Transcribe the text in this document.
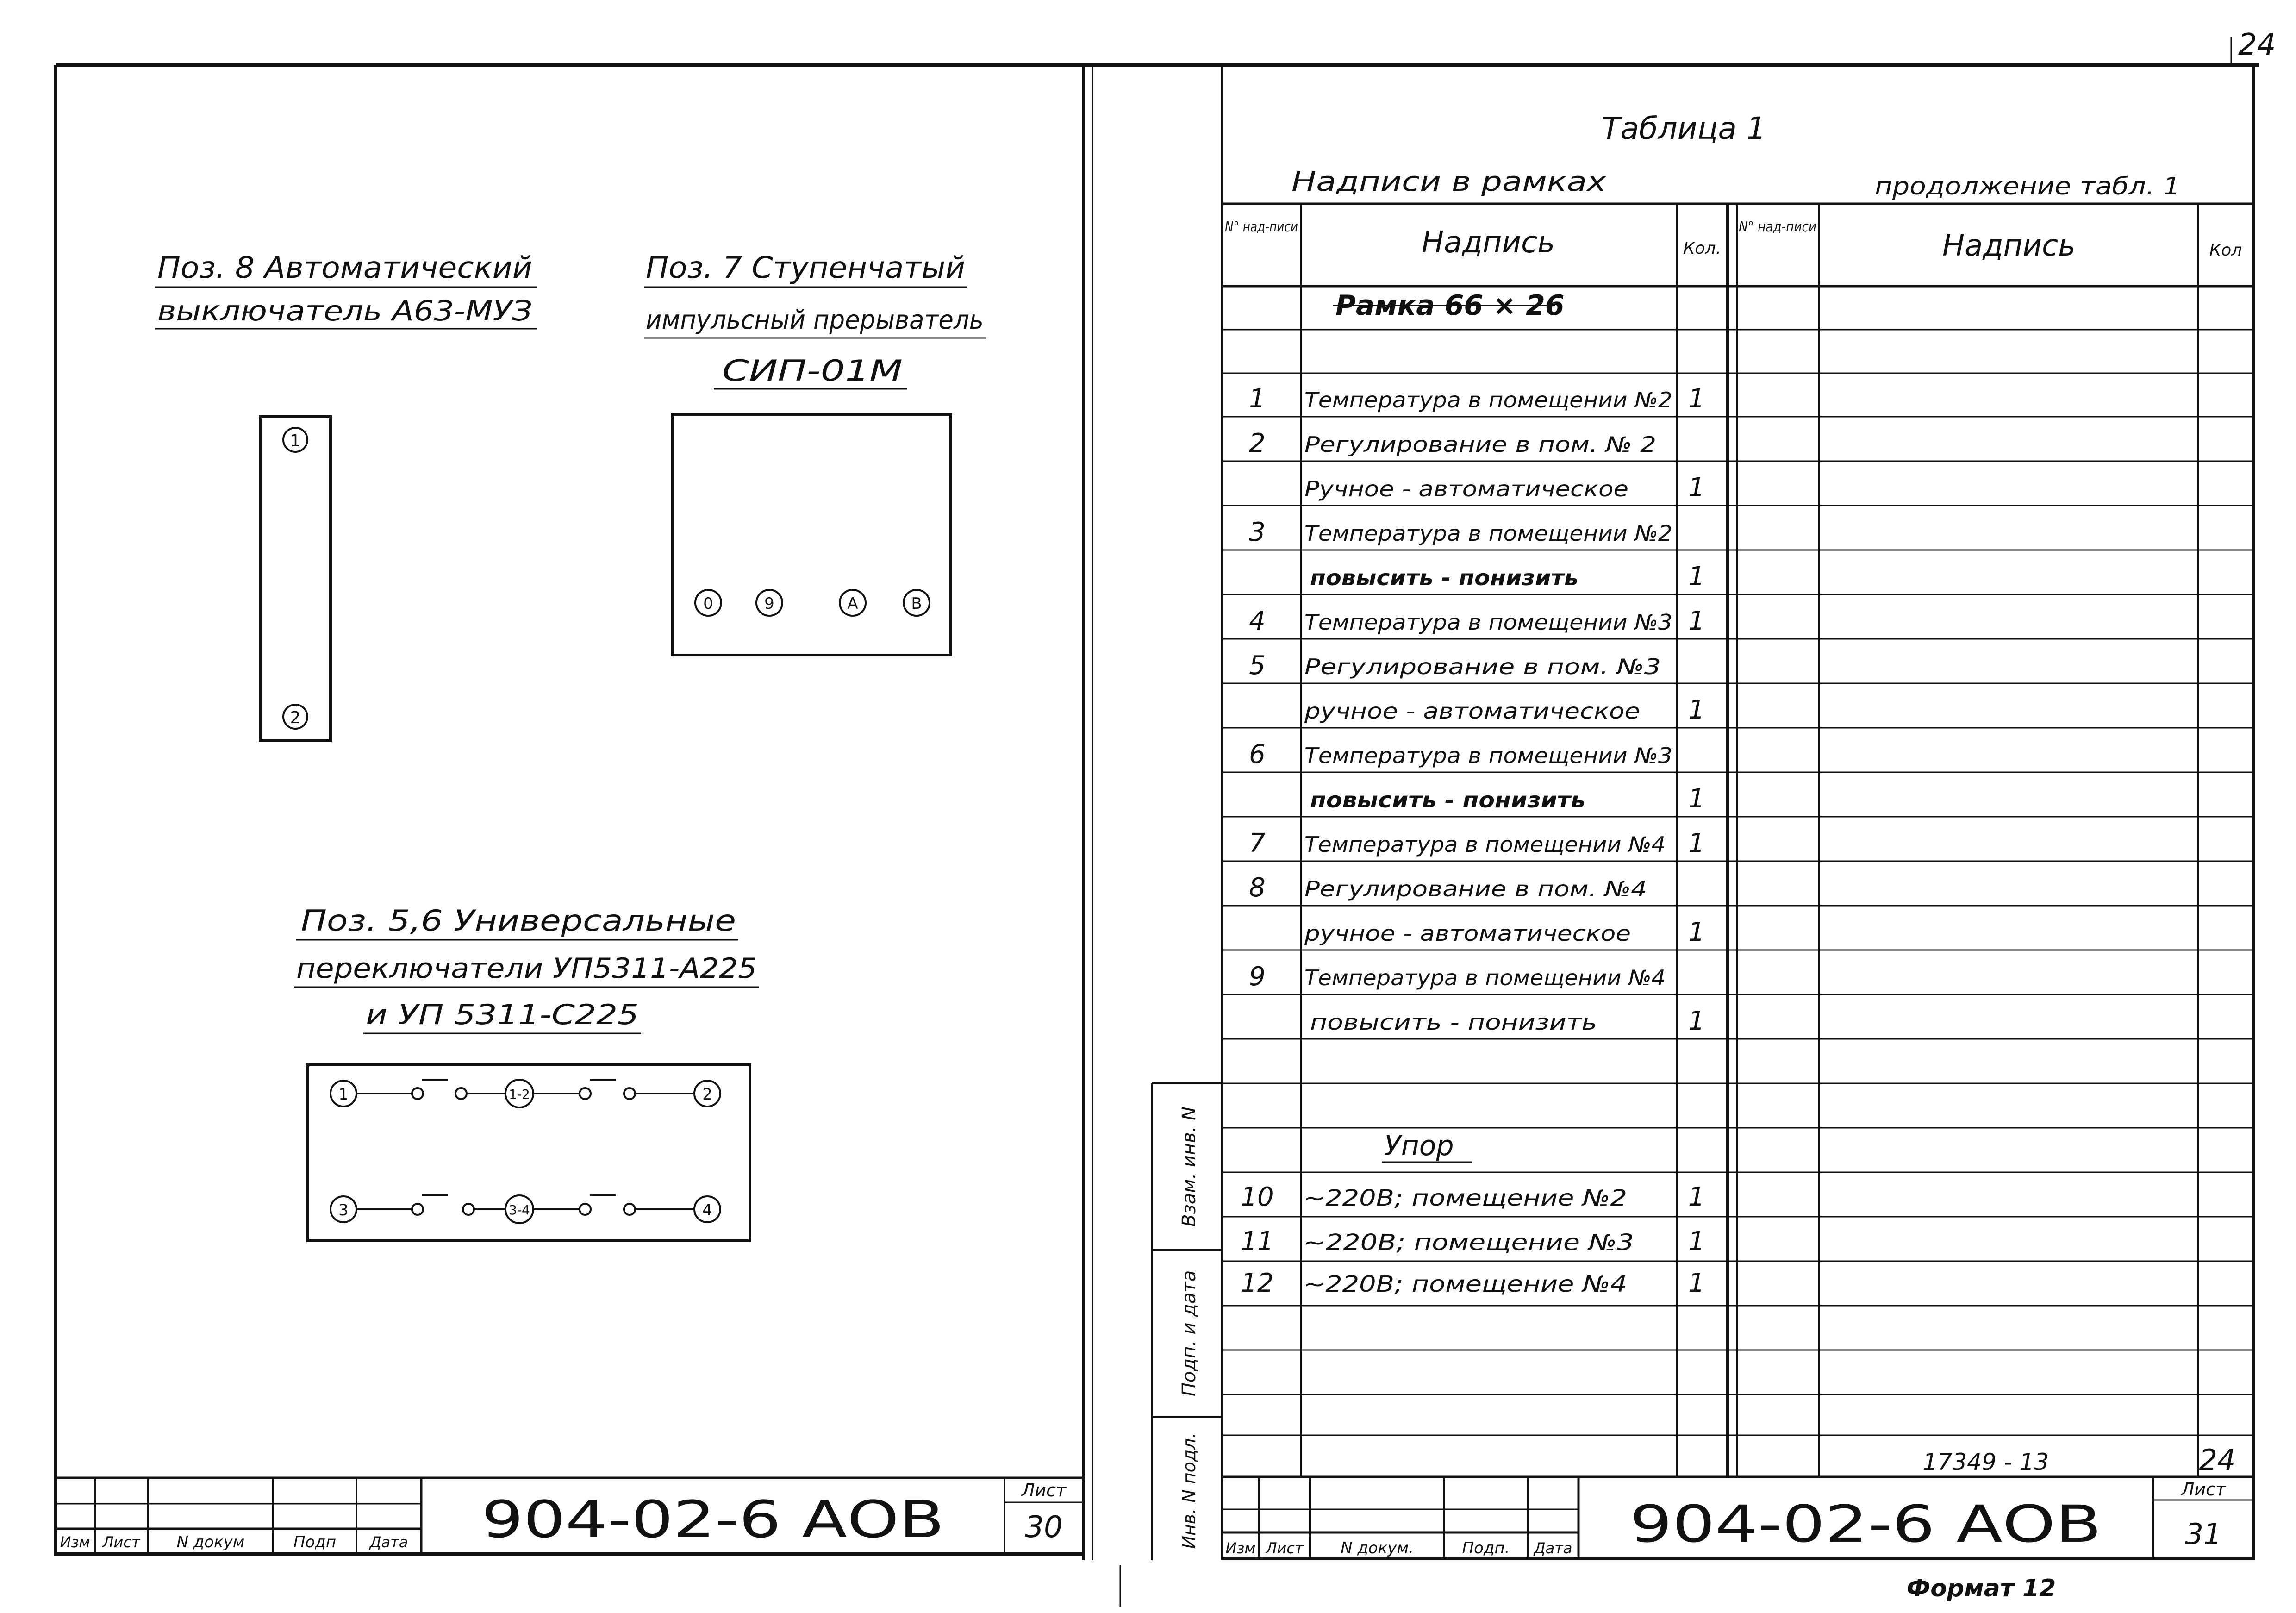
24
Поз. 8 Автоматический
выключатель А63-МУЗ
1
2
Поз. 7 Ступенчатый
импульсный прерыватель
СИП-01М
0	9	А	В
Поз. 5,6 Универсальные
переключатели УП5311-А225
и УП 5311-С225
1	1-2	2
3	3-4	4
Изм Лист N докум	Подп Дата 904-02-6 АОВ	Лист
30
Таблица 1
Надписи в рамках	продолжение табл. 1
N° над-писи	Надпись	Кол.
N° над-писи
Надпись	Кол
Рамка 66 × 26
1 Температура в помещении №2 1
2 Регулирование в пом. № 2
Ручное - автоматическое 1
3 Температура в помещении №2
повысить - понизить	1
4 Температура в помещении №3 1
5 Регулирование в пом. №3
ручное - автоматическое 1
6 Температура в помещении №3
повысить - понизить	1
7 Температура в помещении №4 1
8 Регулирование в пом. №4
ручное - автоматическое 1
9 Температура в помещении №4
повысить - понизить	1
Упор
10 ~220В; помещение №2 1
11 ~220В; помещение №3 1
12 ~220В; помещение №4 1
Инв. N подл.
Подп. и дата
Взам. инв. N
17349 - 13	24
Изм Лист N докум.	Подп. Дата 904-02-6 АОВ
Лист
31
Формат 12
